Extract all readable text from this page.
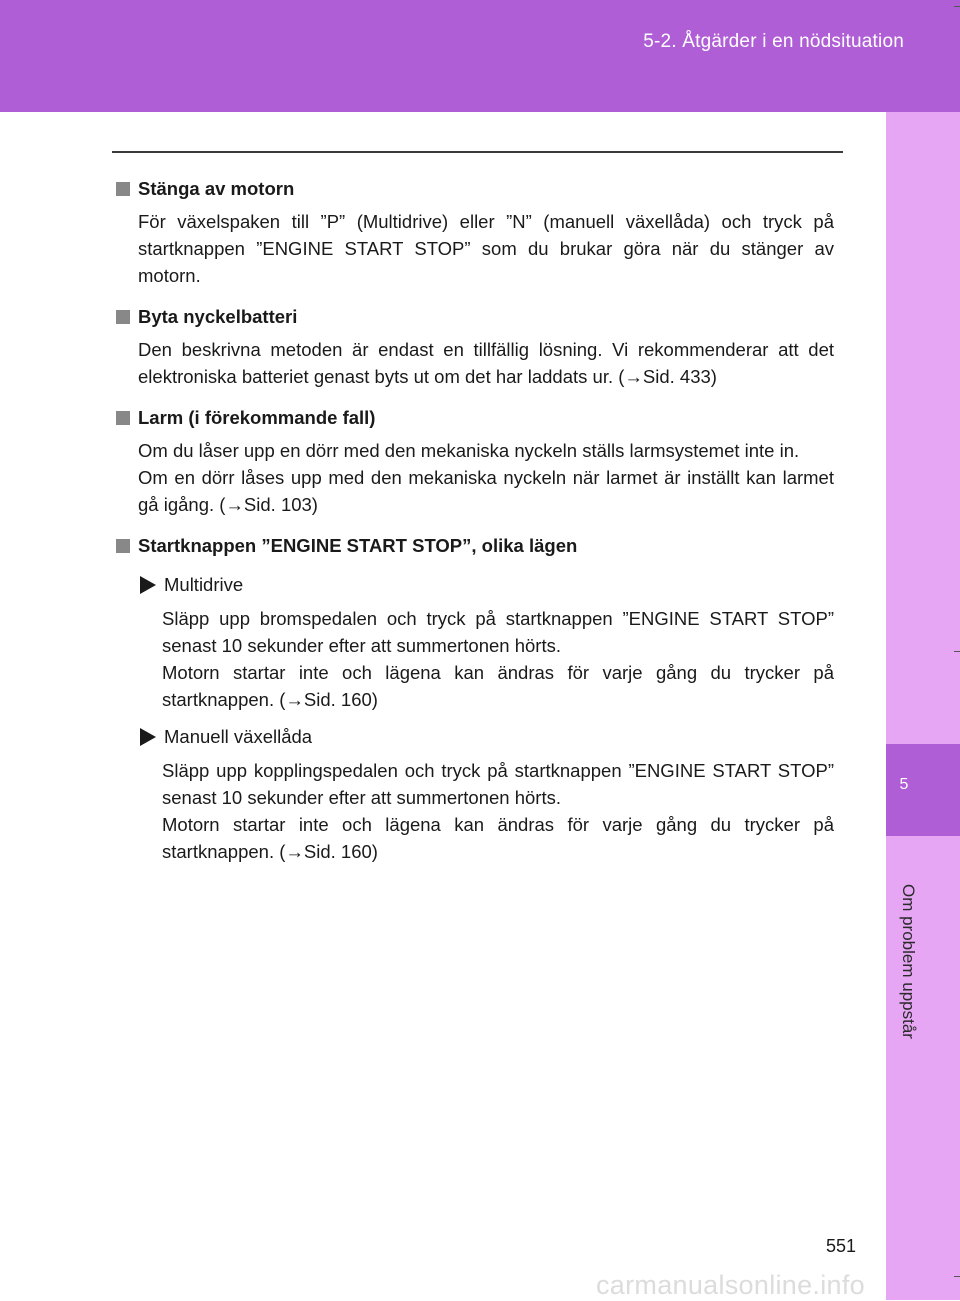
5-2. Åtgärder i en nödsituation
5
Om problem uppstår
Stänga av motorn
För växelspaken till ”P” (Multidrive) eller ”N” (manuell växellåda) och tryck på startknappen ”ENGINE START STOP” som du brukar göra när du stänger av motorn.
Byta nyckelbatteri
Den beskrivna metoden är endast en tillfällig lösning. Vi rekommenderar att det elektroniska batteriet genast byts ut om det har laddats ur. (→Sid. 433)
Larm (i förekommande fall)
Om du låser upp en dörr med den mekaniska nyckeln ställs larmsystemet inte in.
Om en dörr låses upp med den mekaniska nyckeln när larmet är inställt kan larmet gå igång. (→Sid. 103)
Startknappen ”ENGINE START STOP”, olika lägen
Multidrive
Släpp upp bromspedalen och tryck på startknappen ”ENGINE START STOP” senast 10 sekunder efter att summertonen hörts.
Motorn startar inte och lägena kan ändras för varje gång du trycker på startknappen. (→Sid. 160)
Manuell växellåda
Släpp upp kopplingspedalen och tryck på startknappen ”ENGINE START STOP” senast 10 sekunder efter att summertonen hörts.
Motorn startar inte och lägena kan ändras för varje gång du trycker på startknappen. (→Sid. 160)
551
carmanualsonline.info
